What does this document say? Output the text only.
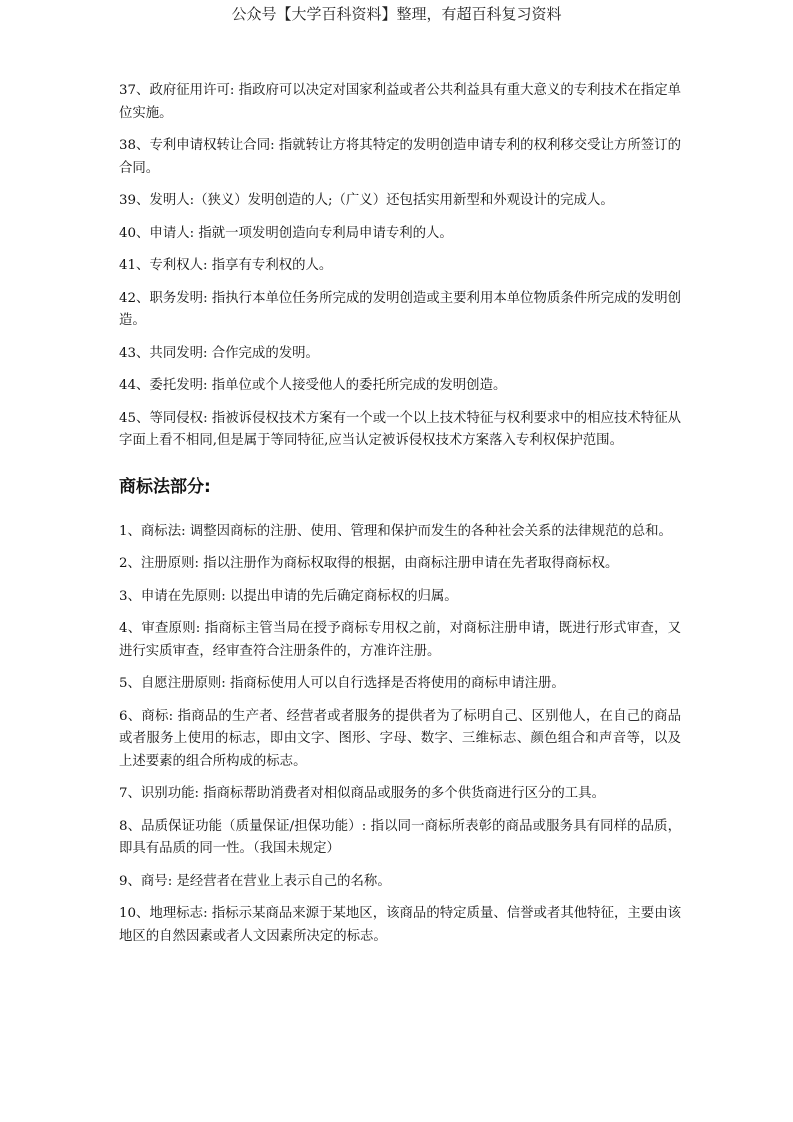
公众号【大学百科资料】整理，有超百科复习资料

37、政府征用许可: 指政府可以决定对国家利益或者公共利益具有重大意义的专利技术在指定单位实施。

38、专利申请权转让合同: 指就转让方将其特定的发明创造申请专利的权利移交受让方所签订的合同。

39、发明人:（狭义）发明创造的人;（广义）还包括实用新型和外观设计的完成人。

40、申请人: 指就一项发明创造向专利局申请专利的人。

41、专利权人: 指享有专利权的人。

42、职务发明: 指执行本单位任务所完成的发明创造或主要利用本单位物质条件所完成的发明创造。

43、共同发明: 合作完成的发明。

44、委托发明: 指单位或个人接受他人的委托所完成的发明创造。

45、等同侵权: 指被诉侵权技术方案有一个或一个以上技术特征与权利要求中的相应技术特征从字面上看不相同,但是属于等同特征,应当认定被诉侵权技术方案落入专利权保护范围。

商标法部分:

1、商标法: 调整因商标的注册、使用、管理和保护而发生的各种社会关系的法律规范的总和。

2、注册原则: 指以注册作为商标权取得的根据，由商标注册申请在先者取得商标权。

3、申请在先原则: 以提出申请的先后确定商标权的归属。

4、审查原则: 指商标主管当局在授予商标专用权之前，对商标注册申请，既进行形式审查，又进行实质审查，经审查符合注册条件的，方准许注册。

5、自愿注册原则: 指商标使用人可以自行选择是否将使用的商标申请注册。

6、商标: 指商品的生产者、经营者或者服务的提供者为了标明自己、区别他人，在自己的商品或者服务上使用的标志，即由文字、图形、字母、数字、三维标志、颜色组合和声音等，以及上述要素的组合所构成的标志。

7、识别功能: 指商标帮助消费者对相似商品或服务的多个供货商进行区分的工具。

8、品质保证功能（质量保证/担保功能）: 指以同一商标所表彰的商品或服务具有同样的品质，即具有品质的同一性。（我国未规定）

9、商号: 是经营者在营业上表示自己的名称。

10、地理标志: 指标示某商品来源于某地区，该商品的特定质量、信誉或者其他特征，主要由该地区的自然因素或者人文因素所决定的标志。
